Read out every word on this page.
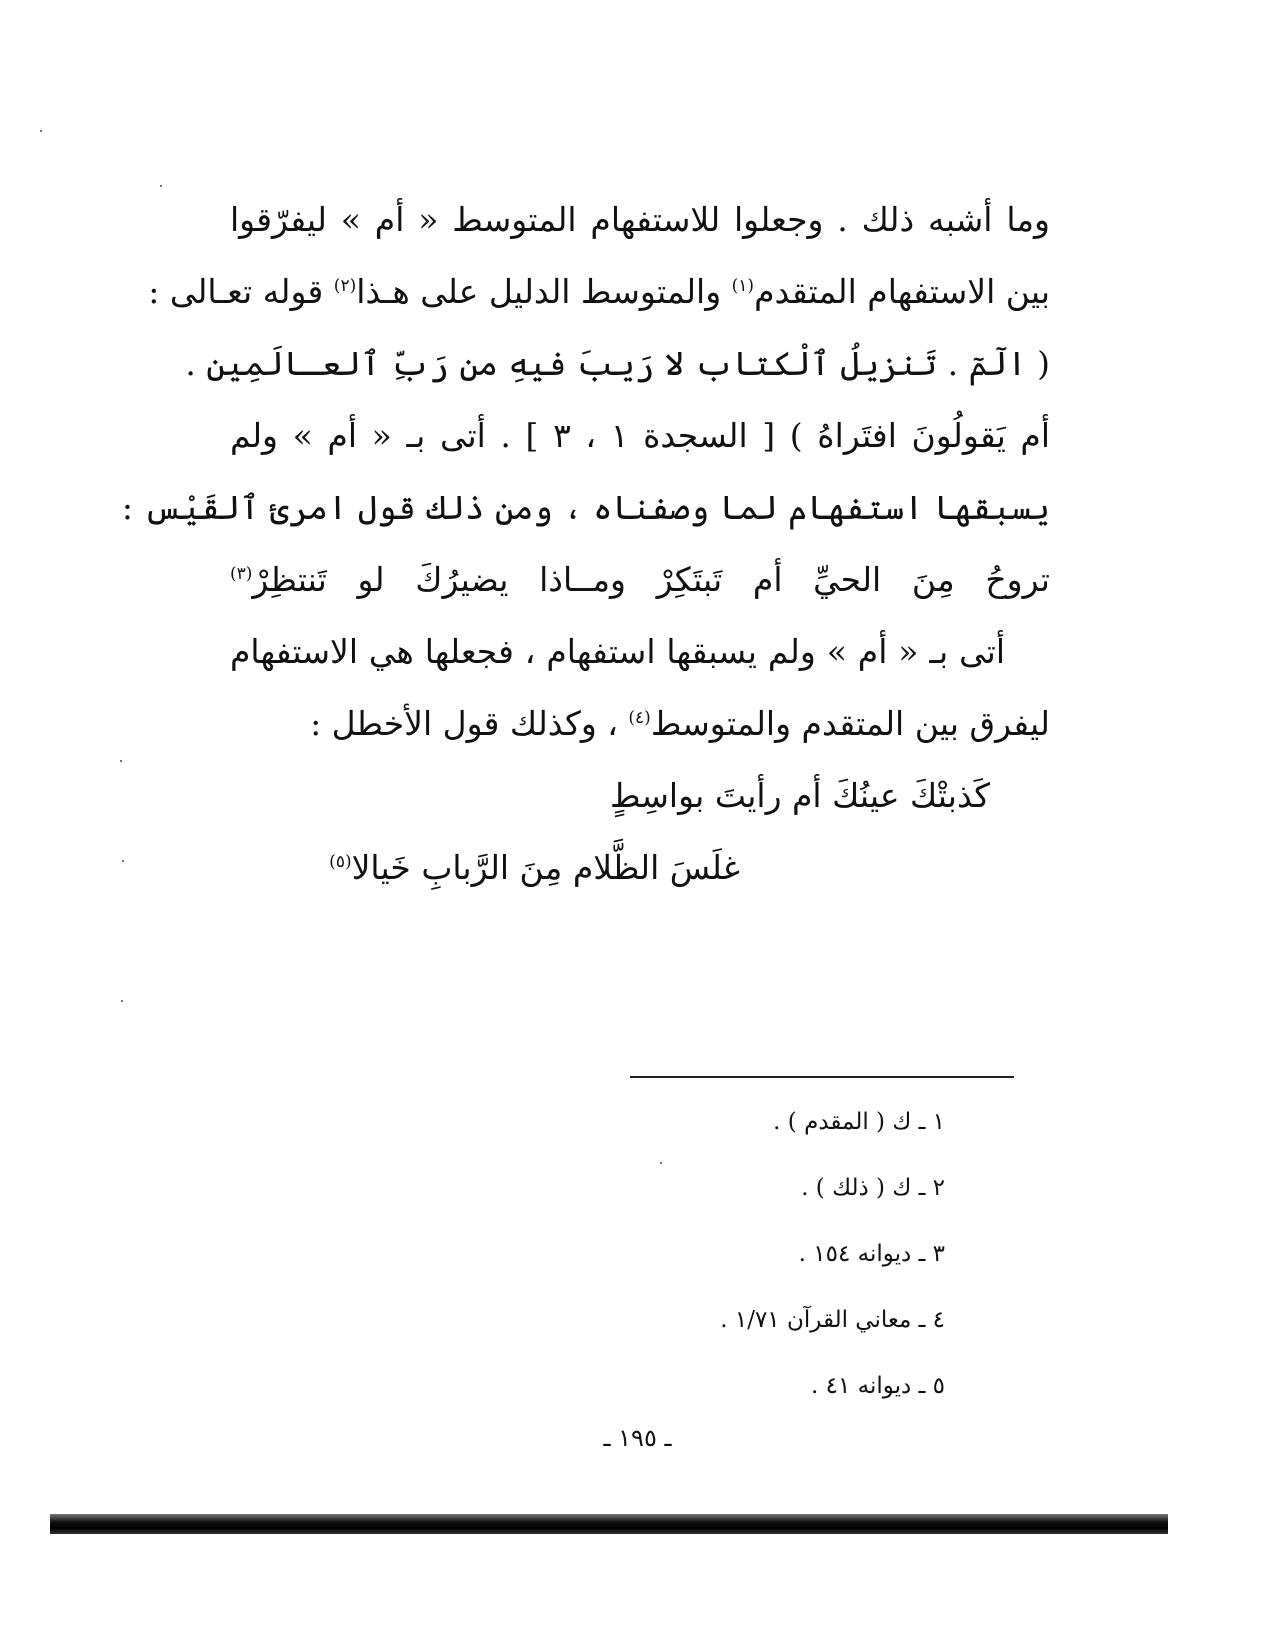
وما أشبه ذلك . وجعلوا للاستفهام المتوسط « أم » ليفرّقوا
بين الاستفهام المتقدم$^{(١)}$ والمتوسط الدليل على هـذا$^{(٢)}$ قوله تعـالى :
( الٓمٓ . تَنزيلُ ٱلْكتاب لا رَيبَ فيهِ من رَبِّ ٱلعـالَمِين .
أم يَقولُونَ افتَراهُ ) [ السجدة ١ ، ٣ ] . أتى بـ « أم » ولم
يسبقها استفهام لما وصفناه ، ومن ذلك قول امرئ ٱلقَيْس :
تروحُ مِنَ الحيِّ أم تَبتَكِرْ ومــاذا يضيرُكَ لو تَنتظِرْ$^{(٣)}$
أتى بـ « أم » ولم يسبقها استفهام ، فجعلها هي الاستفهام
ليفرق بين المتقدم والمتوسط$^{(٤)}$ ، وكذلك قول الأخطل :
كَذبتْكَ عينُكَ أم رأيتَ بواسِطٍ
غلَسَ الظَّلام مِنَ الرَّبابِ خَيالا$^{(٥)}$
١ ـ ك ( المقدم ) .
٢ ـ ك ( ذلك ) .
٣ ـ ديوانه ١٥٤ .
٤ ـ معاني القرآن ١/٧١ .
٥ ـ ديوانه ٤١ .
ـ ١٩٥ ـ
